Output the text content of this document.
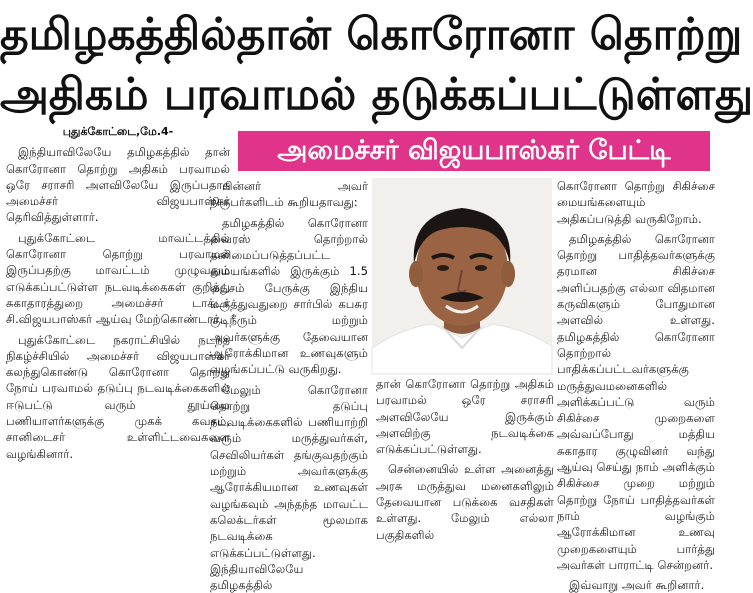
தமிழகத்தில்தான் கொரோனா தொற்று
அதிகம் பரவாமல் தடுக்கப்பட்டுள்ளது
அமைச்சர் விஜயபாஸ்கர் பேட்டி

புதுக்கோட்டை,மே.4-

இந்தியாவிலேயே தமிழகத்தில் தான் கொரோனா தொற்று அதிகம் பரவாமல் ஒரே சராசரி அளவிலேயே இருப்பதாக அமைச்சர் விஜயபாஸ்கர் தெரிவித்துள்ளார்.

புதுக்கோட்டை மாவட்டத்தில் கொரோனா தொற்று பரவாமல் இருப்பதற்கு மாவட்டம் முழுவதும் எடுக்கப்பட்டுள்ள நடவடிக்கைகள் குறித்து சுகாதாரத்துறை அமைச்சர் டாக்டர் சி.விஜயபாஸ்கர் ஆய்வு மேற்கொண்டார்.

புதுக்கோட்டை நகராட்சியில் நடந்த நிகழ்ச்சியில் அமைச்சர் விஜயபாஸ்கர் கலந்துகொண்டு கொரோனா தொற்று நோய் பரவாமல் தடுப்பு நடவடிக்கைகளில் ஈடுபட்டு வரும் தூய்மை பணியாளர்களுக்கு முகக் கவசம், சானிடைசர் உள்ளிட்டவைகளை வழங்கினார்.

பின்னர் அவர் நிருபர்களிடம் கூறியதாவது:

தமிழகத்தில் கொரோனா வைரஸ் தொற்றால் தனிமைப்படுத்தப்பட்ட மையங்களில் இருக்கும் 1.5 லட்சம் பேருக்கு இந்திய மருத்துவதுறை சார்பில் கபசுர குடிநீரும் மற்றும் அவர்களுக்கு தேவையான ஆரோக்கிமான உணவுகளும் வழங்கப்பட்டு வருகிறது.

மேலும் கொரோனா தொற்று தடுப்பு நடவடிக்கைகளில் பணியாற்றி வரும் மருத்துவர்கள், செவிலியர்கள் தங்குவதற்கும் மற்றும் அவர்களுக்கு ஆரோக்கியமான உணவுகள் வழங்கவும் அந்தந்த மாவட்ட கலெக்டர்கள் மூலமாக நடவடிக்கை எடுக்கப்பட்டுள்ளது. இந்தியாவிலேயே தமிழகத்தில்

தான் கொரோனா தொற்று அதிகம் பரவாமல் ஒரே சராசரி அளவிலேயே இருக்கும் அளவிற்கு நடவடிக்கை எடுக்கப்பட்டுள்ளது.

சென்னையில் உள்ள அனைத்து அரசு மருத்துவ மனைகளிலும் தேவையான படுக்கை வசதிகள் உள்ளது. மேலும் எல்லா பகுதிகளில்

கொரோனா தொற்று சிகிச்சை மையங்களையும் அதிகப்படுத்தி வருகிறோம்.

தமிழகத்தில் கொரோனா தொற்று பாதித்தவர்களுக்கு தரமான சிகிச்சை அளிப்பதற்கு எல்லா விதமான கருவிகளும் போதுமான அளவில் உள்ளது. தமிழகத்தில் கொரோனா தொற்றால் பாதிக்கப்பட்டவர்களுக்கு மருத்துவமனைகளில் அளிக்கப்பட்டு வரும் சிகிச்சை முறைகளை அவ்வப்போது மத்திய சுகாதார குழுவினர் வந்து ஆய்வு செய்து நாம் அளிக்கும் சிகிச்சை முறை மற்றும் தொற்று நோய் பாதித்தவர்கள் நாம் வழங்கும் ஆரோக்கிமான உணவு முறைகளையும் பார்த்து அவர்கள் பாராட்டி சென்றனர்.

இவ்வாறு அவர் கூறினார்.
